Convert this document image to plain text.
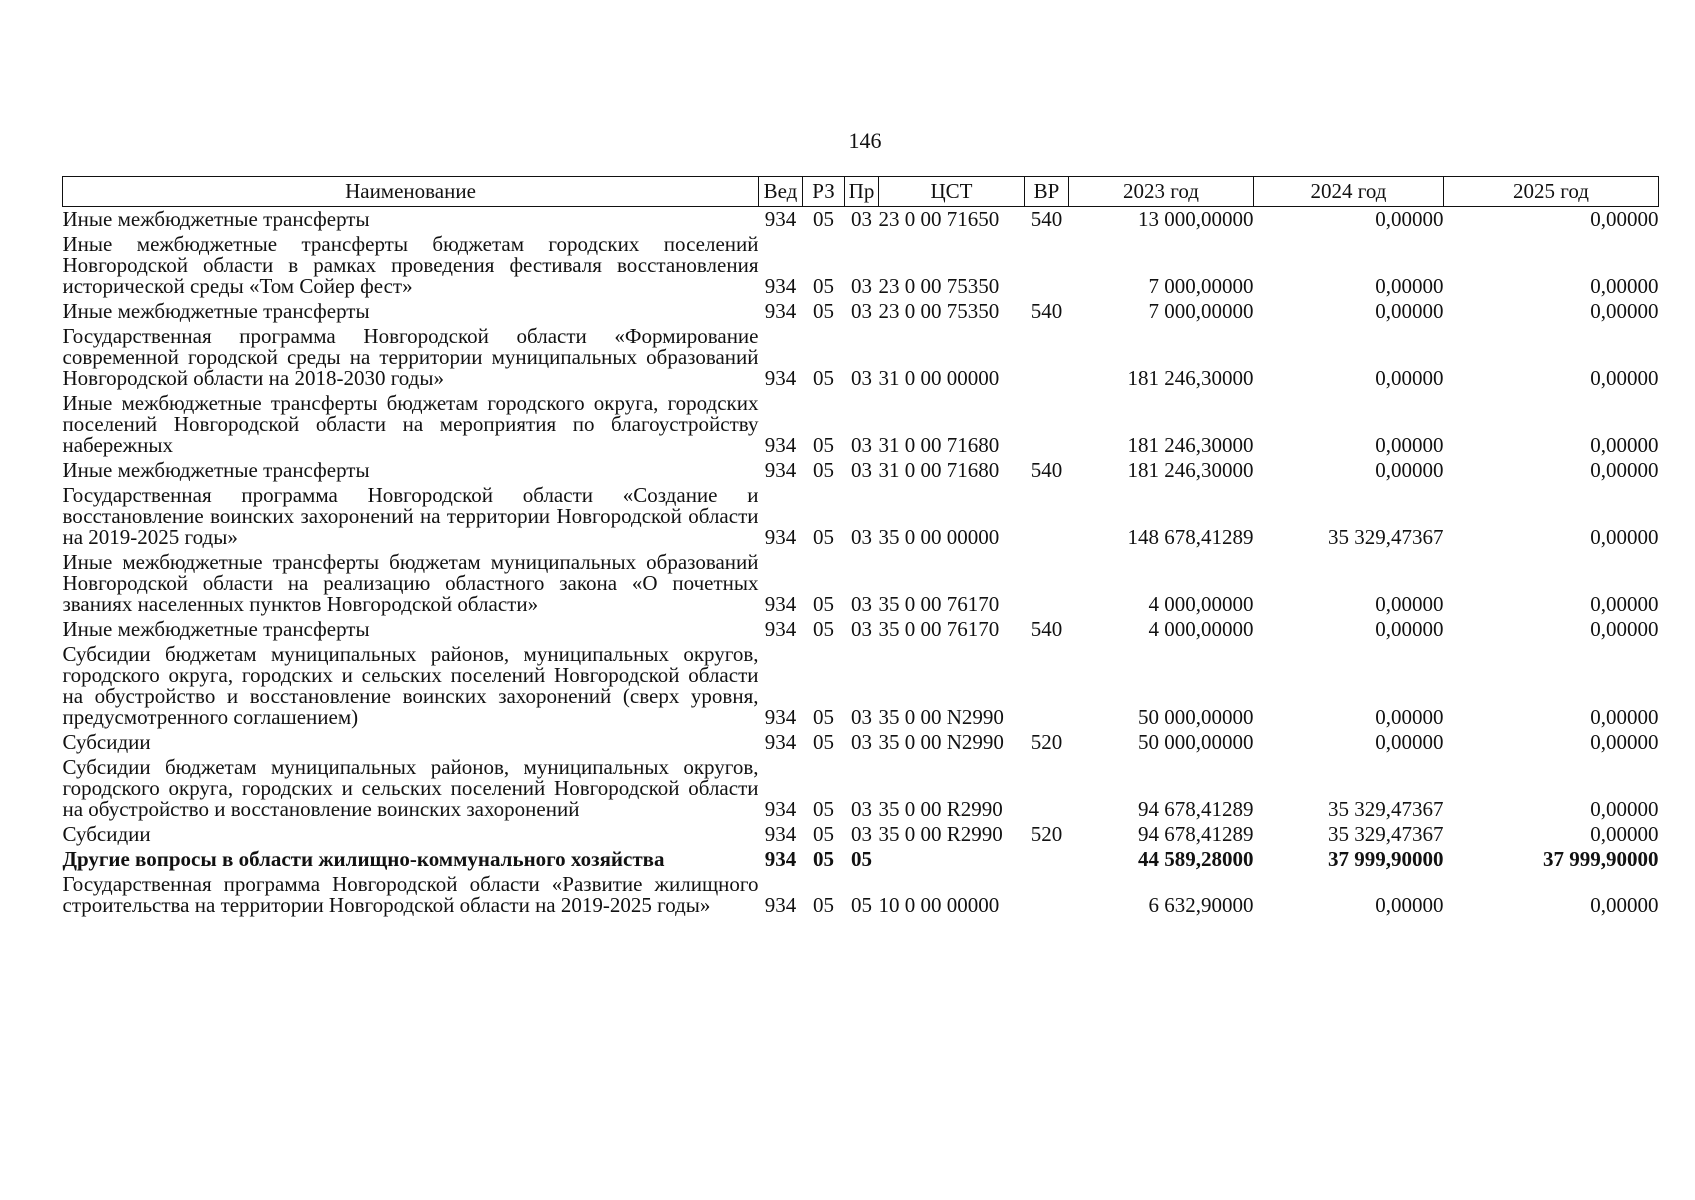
146
Наименование	Вед	РЗ	Пр	ЦСТ	ВР	2023 год	2024 год	2025 год

Иные межбюджетные трансферты	934	05	03	23 0 00 71650	540	13 000,00000	0,00000	0,00000

Иные межбюджетные трансферты бюджетам городских поселений Новгородской области в рамках проведения фестиваля восстановления исторической среды «Том Сойер фест»	934	05	03	23 0 00 75350		7 000,00000	0,00000	0,00000

Иные межбюджетные трансферты	934	05	03	23 0 00 75350	540	7 000,00000	0,00000	0,00000

Государственная программа Новгородской области «Формирование современной городской среды на территории муниципальных образований Новгородской области на 2018-2030 годы»	934	05	03	31 0 00 00000		181 246,30000	0,00000	0,00000

Иные межбюджетные трансферты бюджетам городского округа, городских поселений Новгородской области на мероприятия по благоустройству набережных	934	05	03	31 0 00 71680		181 246,30000	0,00000	0,00000

Иные межбюджетные трансферты	934	05	03	31 0 00 71680	540	181 246,30000	0,00000	0,00000

Государственная программа Новгородской области «Создание и восстановление воинских захоронений на территории Новгородской области на 2019-2025 годы»	934	05	03	35 0 00 00000		148 678,41289	35 329,47367	0,00000

Иные межбюджетные трансферты бюджетам муниципальных образований Новгородской области на реализацию областного закона «О почетных званиях населенных пунктов Новгородской области»	934	05	03	35 0 00 76170		4 000,00000	0,00000	0,00000

Иные межбюджетные трансферты	934	05	03	35 0 00 76170	540	4 000,00000	0,00000	0,00000

Субсидии бюджетам муниципальных районов, муниципальных округов, городского округа, городских и сельских поселений Новгородской области на обустройство и восстановление воинских захоронений (сверх уровня, предусмотренного соглашением)	934	05	03	35 0 00 N2990		50 000,00000	0,00000	0,00000

Субсидии	934	05	03	35 0 00 N2990	520	50 000,00000	0,00000	0,00000

Субсидии бюджетам муниципальных районов, муниципальных округов, городского округа, городских и сельских поселений Новгородской области на обустройство и восстановление воинских захоронений	934	05	03	35 0 00 R2990		94 678,41289	35 329,47367	0,00000

Субсидии	934	05	03	35 0 00 R2990	520	94 678,41289	35 329,47367	0,00000

Другие вопросы в области жилищно-коммунального хозяйства	934	05	05			44 589,28000	37 999,90000	37 999,90000

Государственная программа Новгородской области «Развитие жилищного строительства на территории Новгородской области на 2019-2025 годы»	934	05	05	10 0 00 00000		6 632,90000	0,00000	0,00000
